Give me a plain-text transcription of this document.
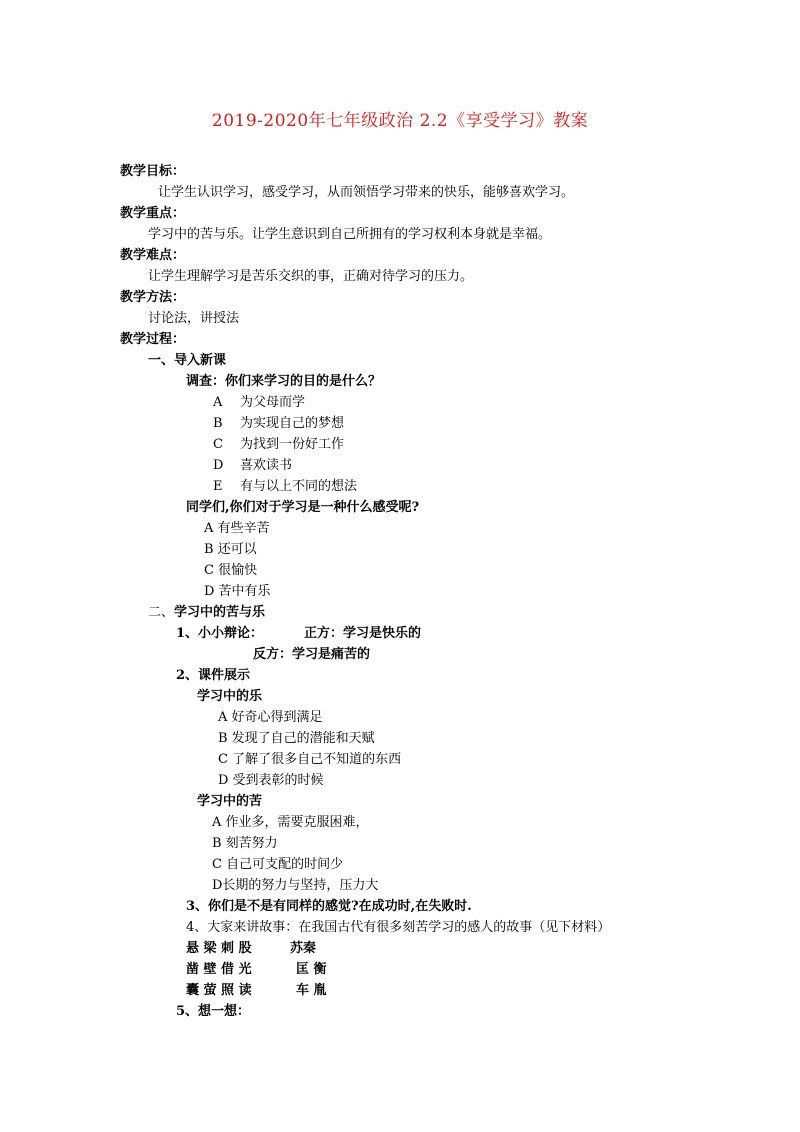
2019-2020年七年级政治 2.2《享受学习》教案
教学目标：
让学生认识学习，感受学习，从而领悟学习带来的快乐，能够喜欢学习。
教学重点：
学习中的苦与乐。让学生意识到自己所拥有的学习权利本身就是幸福。
教学难点：
让学生理解学习是苦乐交织的事，正确对待学习的压力。
教学方法：
讨论法，讲授法
教学过程：
一、导入新课
调查：你们来学习的目的是什么？
A 为父母而学
B 为实现自己的梦想
C 为找到一份好工作
D 喜欢读书
E 有与以上不同的想法
同学们,你们对于学习是一种什么感受呢?
A 有些辛苦
B 还可以
C 很愉快
D 苦中有乐
二、学习中的苦与乐
1、小小辩论：	正方：学习是快乐的
反方：学习是痛苦的
2、课件展示
学习中的乐
A 好奇心得到满足
B 发现了自己的潜能和天赋
C 了解了很多自己不知道的东西
D 受到表彰的时候
学习中的苦
A 作业多，需要克服困难，
B 刻苦努力
C 自己可支配的时间少
D长期的努力与坚持，压力大
3、你们是不是有同样的感觉?在成功时,在失败时.
4、大家来讲故事：在我国古代有很多刻苦学习的感人的故事（见下材料）
悬 梁 刺 股	苏秦
凿 壁 借 光	匡 衡
囊 萤 照 读	车 胤
5、想一想：
